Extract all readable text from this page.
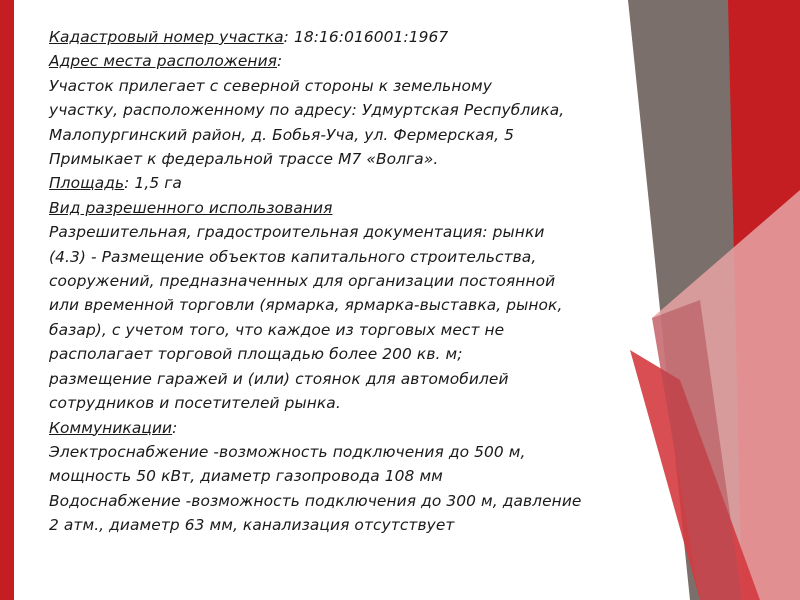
Кадастровый номер участка: 18:16:016001:1967
Адрес места расположения:
Участок прилегает с северной стороны к земельному
участку, расположенному по адресу: Удмуртская Республика,
Малопургинский район, д. Бобья-Уча, ул. Фермерская, 5
Примыкает к федеральной трассе М7 «Волга».
Площадь: 1,5 га
Вид разрешенного использования
Разрешительная, градостроительная документация: рынки
(4.3) - Размещение объектов капитального строительства,
сооружений, предназначенных для организации постоянной
или временной торговли (ярмарка, ярмарка-выставка, рынок,
базар), с учетом того, что каждое из торговых мест не
располагает торговой площадью более 200 кв. м;
размещение гаражей и (или) стоянок для автомобилей
сотрудников и посетителей рынка.
Коммуникации:
Электроснабжение -возможность подключения до 500 м,
мощность 50 кВт, диаметр газопровода 108 мм
Водоснабжение -возможность подключения до 300 м, давление
2 атм., диаметр 63 мм, канализация отсутствует
